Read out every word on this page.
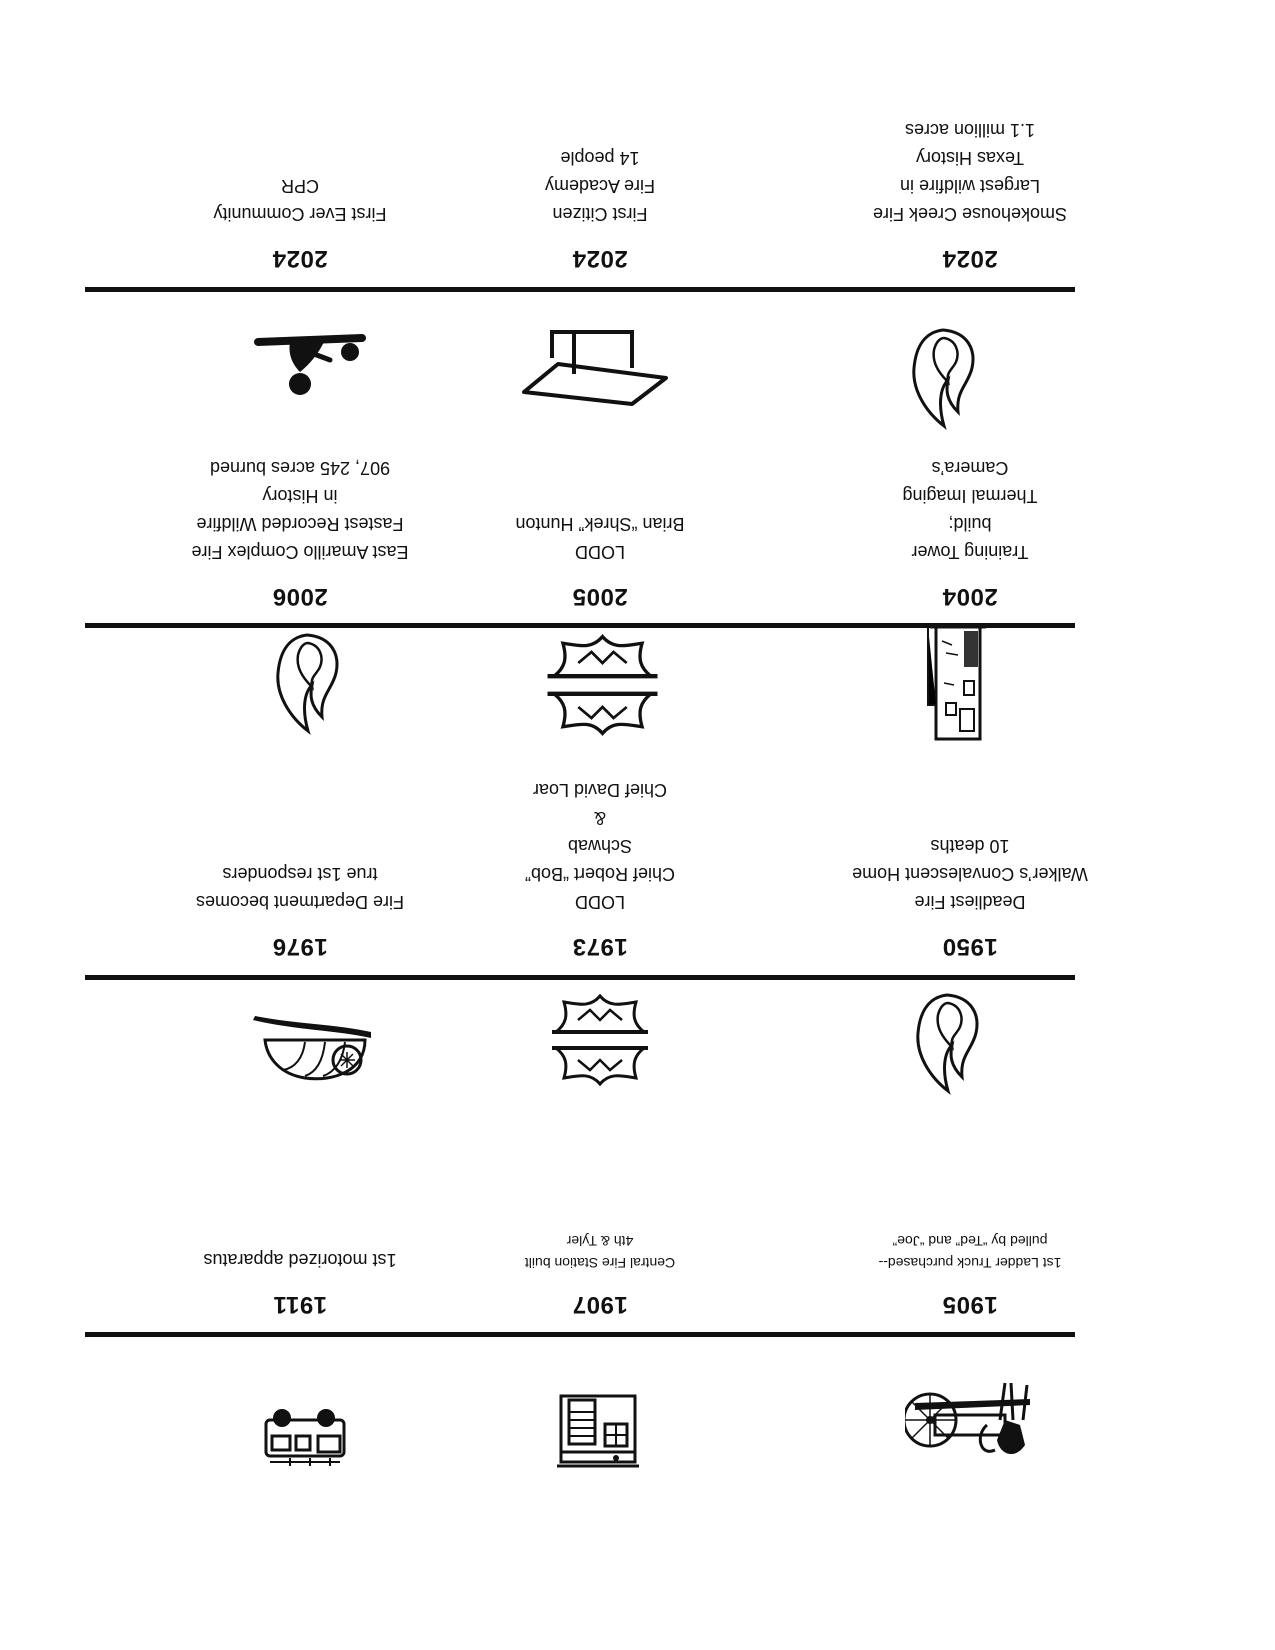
1905
1st Ladder Truck purchased--
pulled by “Ted” and “Joe”
1907
Central Fire Station built
4th & Tyler
1911
1st motorized apparatus
1950
Deadliest Fire
Walker’s Convalescent Home
10 deaths
1973
LODD
Chief Robert “Bob”
Schwab
&
Chief David Loar
1976
Fire Department becomes
true 1st responders
2004
Training Tower
build;
Thermal Imaging
Camera’s
2005
LODD
Brian “Shrek” Hunton
2006
East Amarillo Complex Fire
Fastest Recorded Wildfire
in History
907, 245 acres burned
2024
Smokehouse Creek Fire
Largest wildfire in
Texas History
1.1 million acres
2024
First Citizen
Fire Academy
14 people
2024
First Ever Community
CPR
